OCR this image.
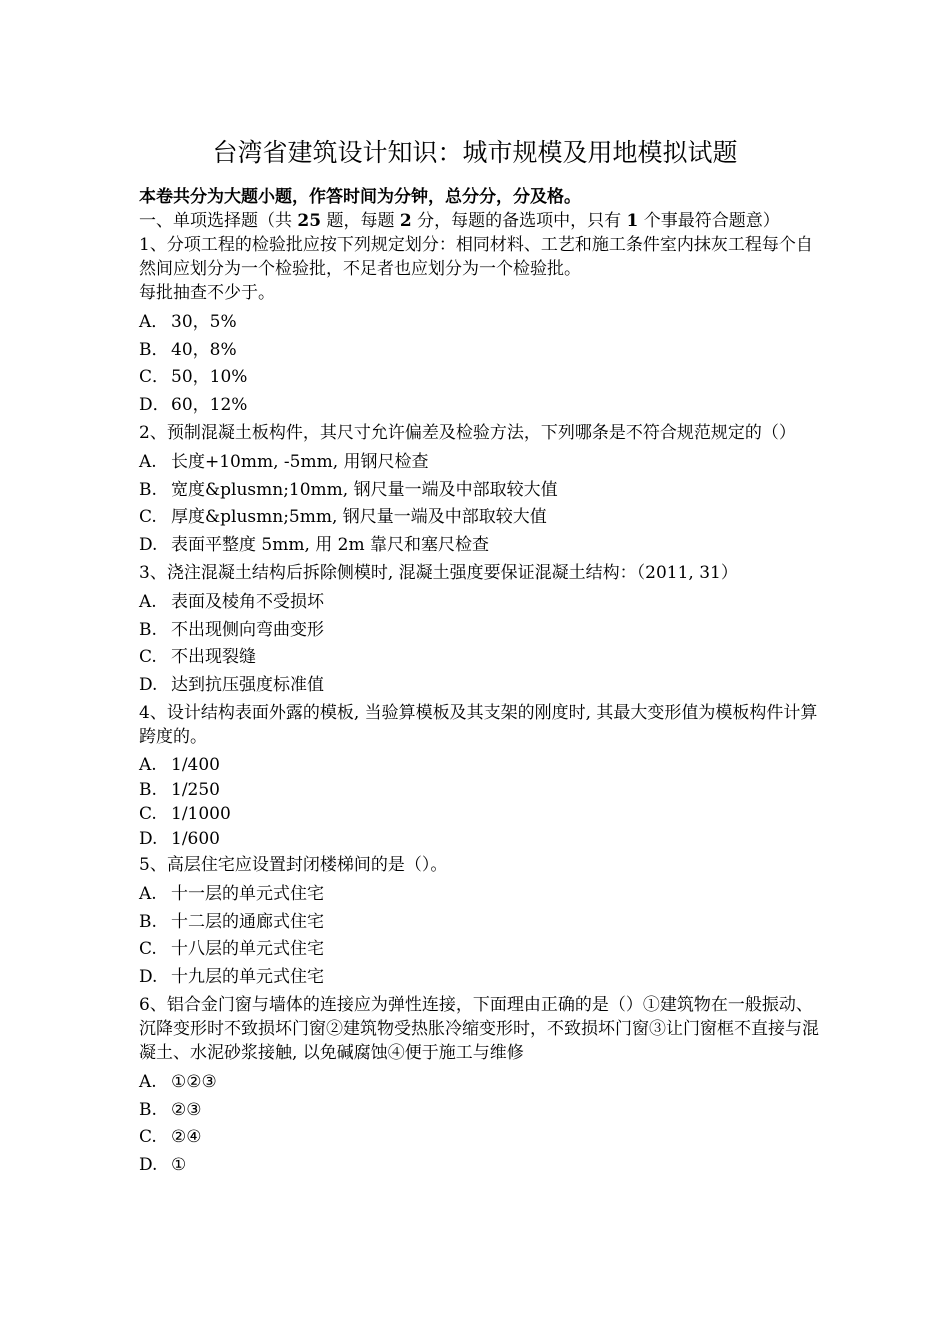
台湾省建筑设计知识：城市规模及用地模拟试题

本卷共分为大题小题，作答时间为分钟，总分分，分及格。

一、单项选择题（共 25 题，每题 2 分，每题的备选项中，只有 1 个事最符合题意）

1、分项工程的检验批应按下列规定划分：相同材料、工艺和施工条件室内抹灰工程每个自然间应划分为一个检验批，不足者也应划分为一个检验批。

每批抽查不少于。

A． 30，5%
B． 40，8%
C． 50，10%
D． 60，12%

2、预制混凝土板构件，其尺寸允许偏差及检验方法，下列哪条是不符合规范规定的（）

A. 长度+10mm, -5mm, 用钢尺检查
B. 宽度&plusmn;10mm, 钢尺量一端及中部取较大值
C. 厚度&plusmn;5mm, 钢尺量一端及中部取较大值
D. 表面平整度 5mm, 用 2m 靠尺和塞尺检查

3、浇注混凝土结构后拆除侧模时, 混凝土强度要保证混凝土结构：（2011, 31）

A. 表面及棱角不受损坏
B. 不出现侧向弯曲变形
C. 不出现裂缝
D. 达到抗压强度标准值

4、设计结构表面外露的模板, 当验算模板及其支架的刚度时, 其最大变形值为模板构件计算跨度的。

A. 1/400
B. 1/250
C. 1/1000
D. 1/600

5、高层住宅应设置封闭楼梯间的是（）。

A. 十一层的单元式住宅
B. 十二层的通廊式住宅
C. 十八层的单元式住宅
D. 十九层的单元式住宅

6、铝合金门窗与墙体的连接应为弹性连接，下面理由正确的是（）①建筑物在一般振动、沉降变形时不致损坏门窗②建筑物受热胀冷缩变形时，不致损坏门窗③让门窗框不直接与混凝土、水泥砂浆接触, 以免碱腐蚀④便于施工与维修

A. ①②③
B. ②③
C. ②④
D. ①
